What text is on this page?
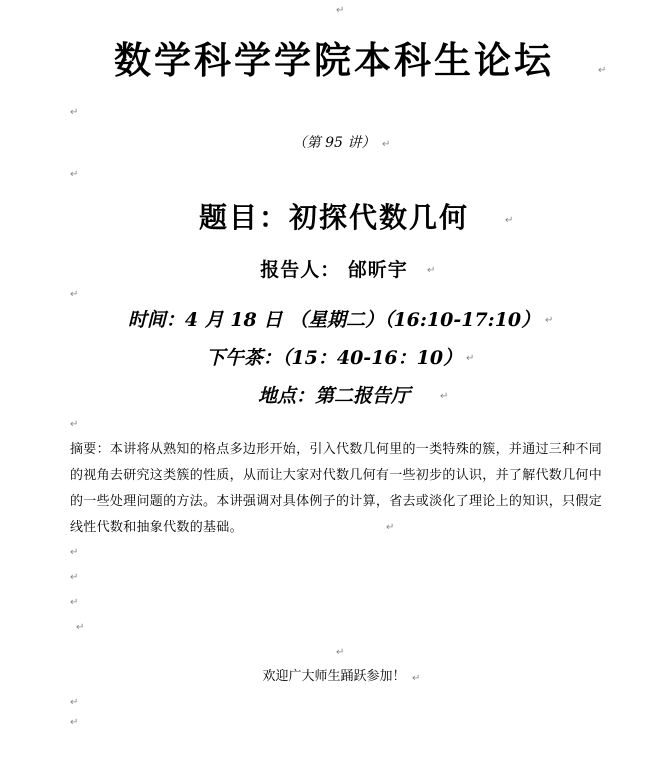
↵
↵
↵
↵
↵
↵
↵
↵
↵
↵
↵
↵
↵
↵
↵
↵
↵
↵
↵
↵
↵
数学科学学院本科生论坛
（第 95 讲）
题目：初探代数几何
报告人： 邰昕宇
时间：4 月 18 日 （星期二）（16:10-17:10）
下午茶：（15：40-16：10）
地点：第二报告厅
摘要：本讲将从熟知的格点多边形开始，引入代数几何里的一类特殊的簇，并通过三种不同的视角去研究这类簇的性质，从而让大家对代数几何有一些初步的认识，并了解代数几何中的一些处理问题的方法。本讲强调对具体例子的计算，省去或淡化了理论上的知识，只假定线性代数和抽象代数的基础。
欢迎广大师生踊跃参加！
